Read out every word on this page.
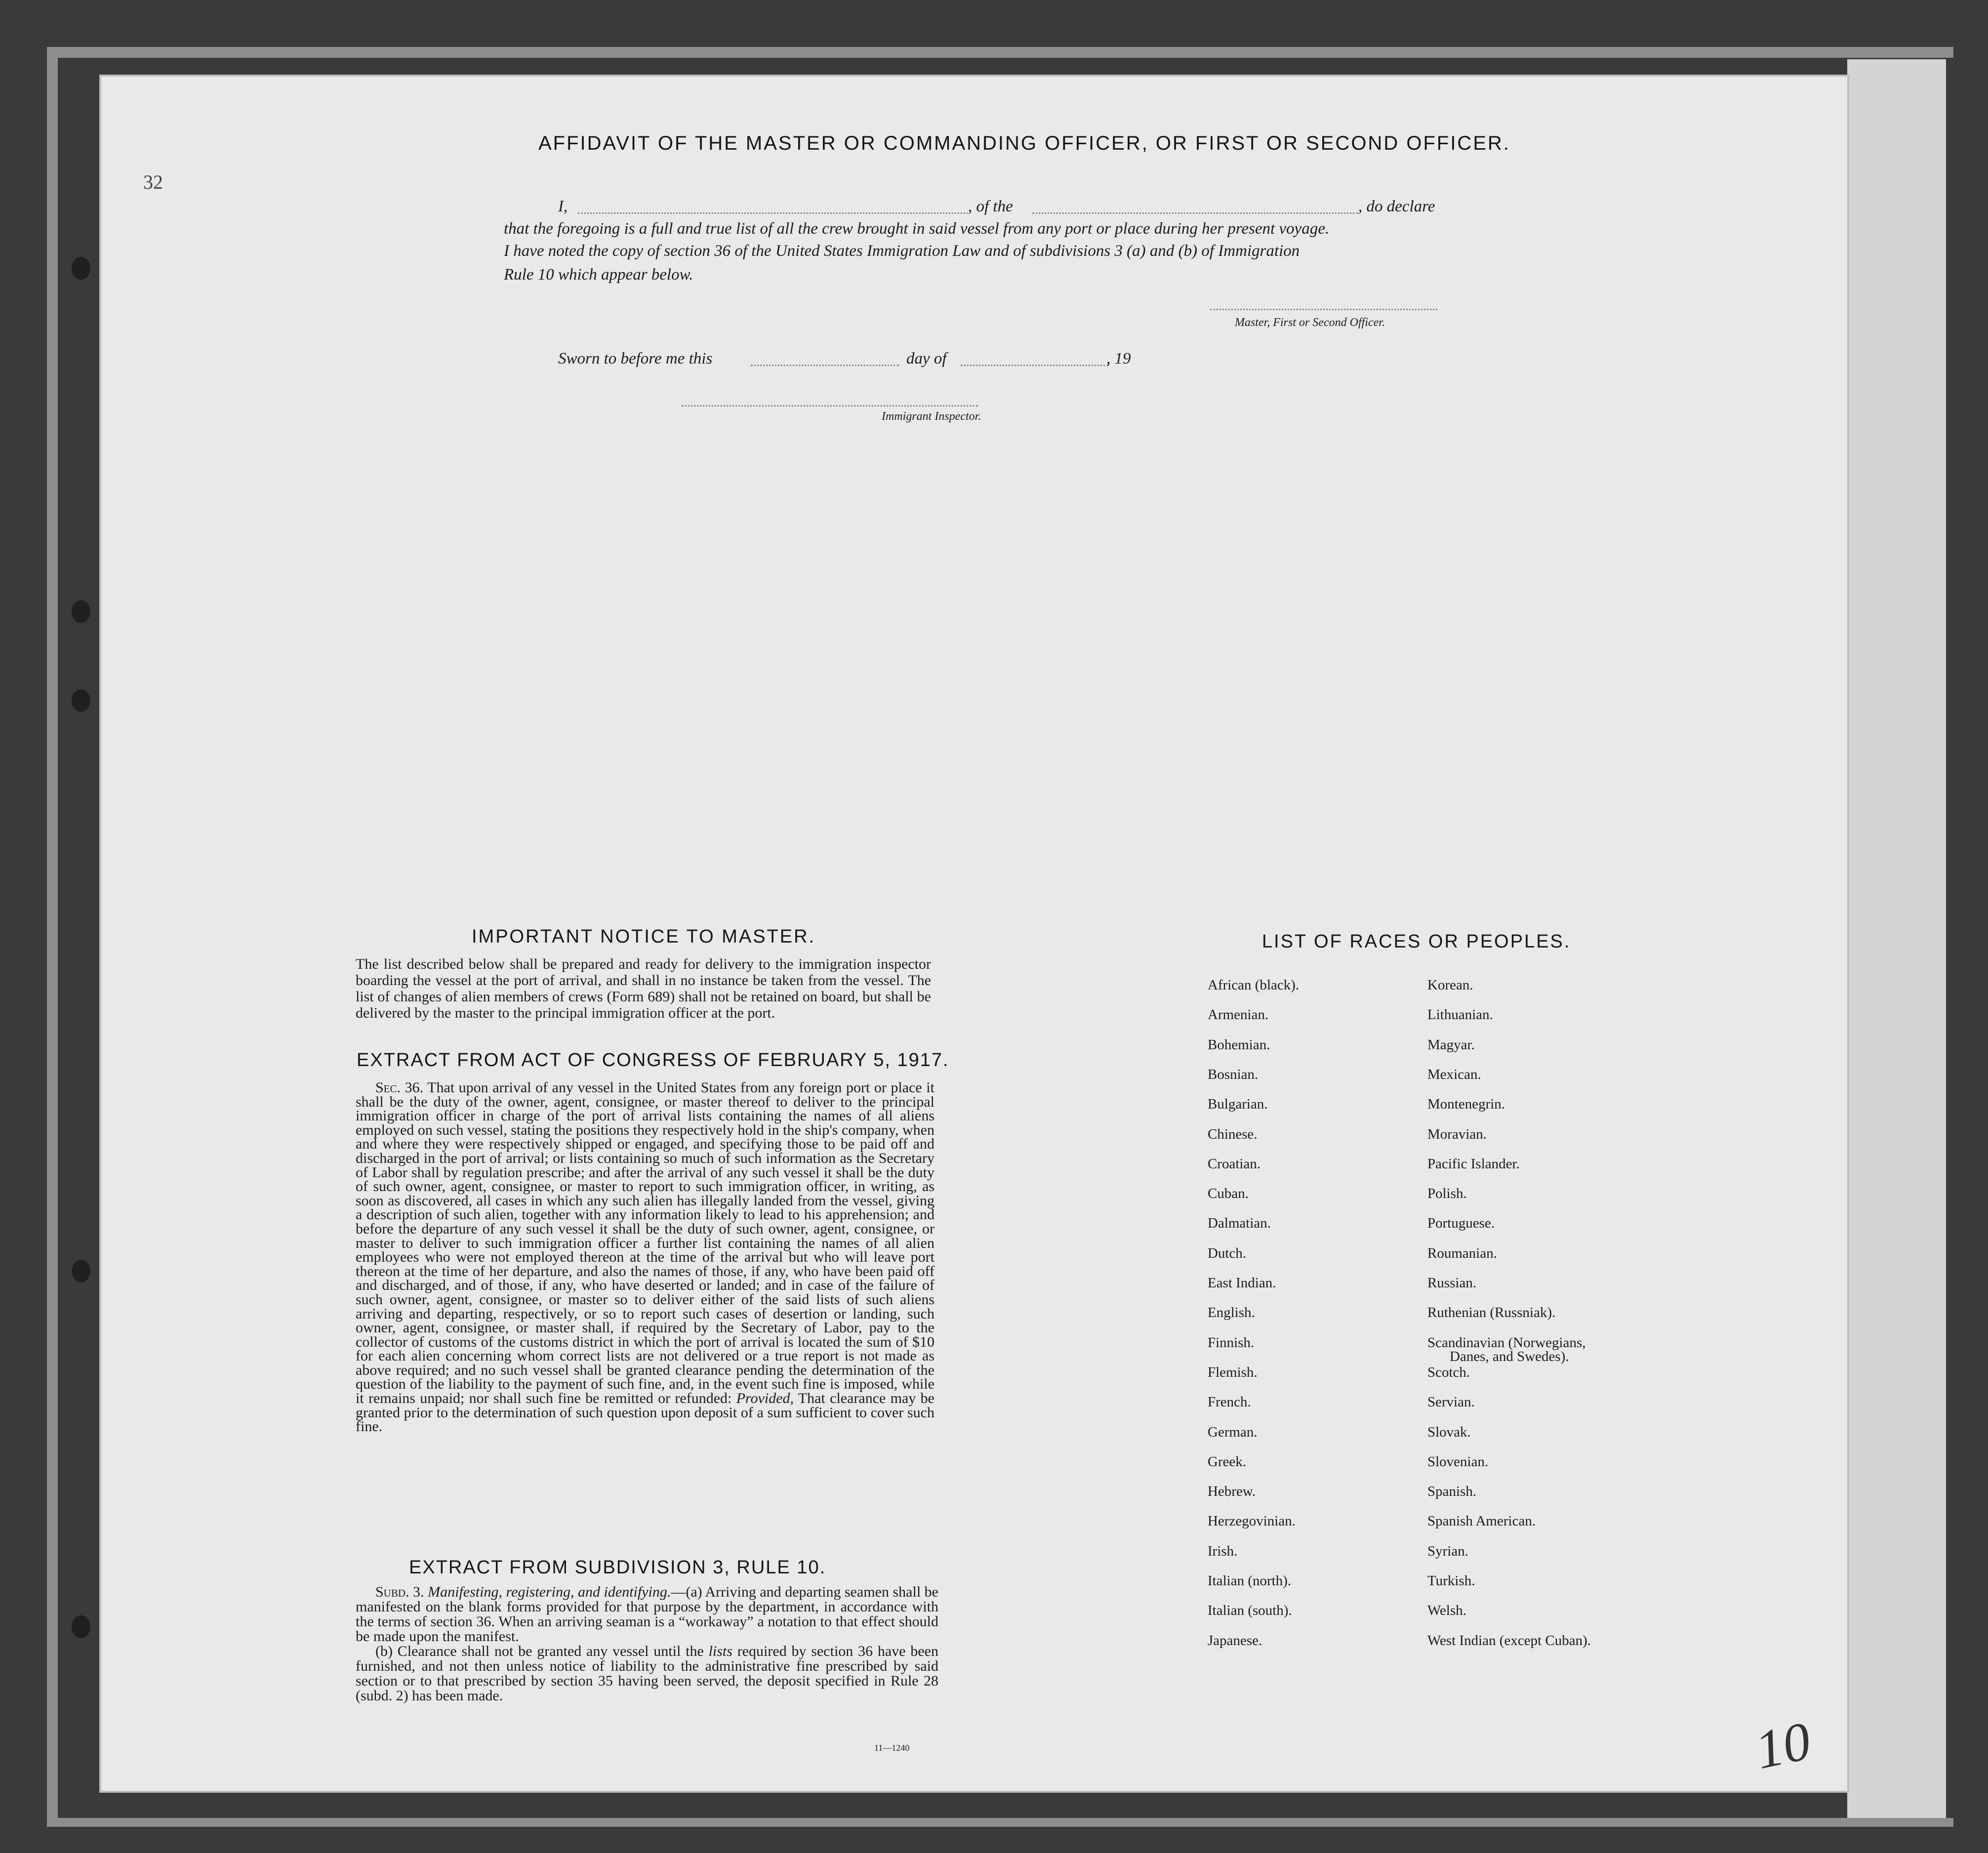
32
AFFIDAVIT OF THE MASTER OR COMMANDING OFFICER, OR FIRST OR SECOND OFFICER.
I,	, of the	, do declare
that the foregoing is a full and true list of all the crew brought in said vessel from any port or place during her present voyage.
I have noted the copy of section 36 of the United States Immigration Law and of subdivisions 3 (a) and (b) of Immigration
Rule 10 which appear below.
Master, First or Second Officer.
Sworn to before me this	day of	, 19
Immigrant Inspector.
IMPORTANT NOTICE TO MASTER.
The list described below shall be prepared and ready for delivery to the immigration inspector boarding the vessel at the port of arrival, and shall in no instance be taken from the vessel. The list of changes of alien members of crews (Form 689) shall not be retained on board, but shall be delivered by the master to the principal immigration officer at the port.
EXTRACT FROM ACT OF CONGRESS OF FEBRUARY 5, 1917.
Sec. 36. That upon arrival of any vessel in the United States from any foreign port or place it shall be the duty of the owner, agent, consignee, or master thereof to deliver to the principal immigration officer in charge of the port of arrival lists containing the names of all aliens employed on such vessel, stating the positions they respectively hold in the ship's company, when and where they were respectively shipped or engaged, and specifying those to be paid off and discharged in the port of arrival; or lists containing so much of such information as the Secretary of Labor shall by regulation prescribe; and after the arrival of any such vessel it shall be the duty of such owner, agent, consignee, or master to report to such immigration officer, in writing, as soon as discovered, all cases in which any such alien has illegally landed from the vessel, giving a description of such alien, together with any information likely to lead to his apprehension; and before the departure of any such vessel it shall be the duty of such owner, agent, consignee, or master to deliver to such immigration officer a further list containing the names of all alien employees who were not employed thereon at the time of the arrival but who will leave port thereon at the time of her departure, and also the names of those, if any, who have been paid off and discharged, and of those, if any, who have deserted or landed; and in case of the failure of such owner, agent, consignee, or master so to deliver either of the said lists of such aliens arriving and departing, respectively, or so to report such cases of desertion or landing, such owner, agent, consignee, or master shall, if required by the Secretary of Labor, pay to the collector of customs of the customs district in which the port of arrival is located the sum of $10 for each alien concerning whom correct lists are not delivered or a true report is not made as above required; and no such vessel shall be granted clearance pending the determination of the question of the liability to the payment of such fine, and, in the event such fine is imposed, while it remains unpaid; nor shall such fine be remitted or refunded: Provided, That clearance may be granted prior to the determination of such question upon deposit of a sum sufficient to cover such fine.
EXTRACT FROM SUBDIVISION 3, RULE 10.
Subd. 3. Manifesting, registering, and identifying.—(a) Arriving and departing seamen shall be manifested on the blank forms provided for that purpose by the department, in accordance with the terms of section 36. When an arriving seaman is a “workaway” a notation to that effect should be made upon the manifest.
(b) Clearance shall not be granted any vessel until the lists required by section 36 have been furnished, and not then unless notice of liability to the administrative fine prescribed by said section or to that prescribed by section 35 having been served, the deposit specified in Rule 28 (subd. 2) has been made.
11—1240
LIST OF RACES OR PEOPLES.
African (black).
Armenian.
Bohemian.
Bosnian.
Bulgarian.
Chinese.
Croatian.
Cuban.
Dalmatian.
Dutch.
East Indian.
English.
Finnish.
Flemish.
French.
German.
Greek.
Hebrew.
Herzegovinian.
Irish.
Italian (north).
Italian (south).
Japanese.
Korean.
Lithuanian.
Magyar.
Mexican.
Montenegrin.
Moravian.
Pacific Islander.
Polish.
Portuguese.
Roumanian.
Russian.
Ruthenian (Russniak).
Scandinavian (Norwegians,
Danes, and Swedes).
Scotch.
Servian.
Slovak.
Slovenian.
Spanish.
Spanish American.
Syrian.
Turkish.
Welsh.
West Indian (except Cuban).
10
